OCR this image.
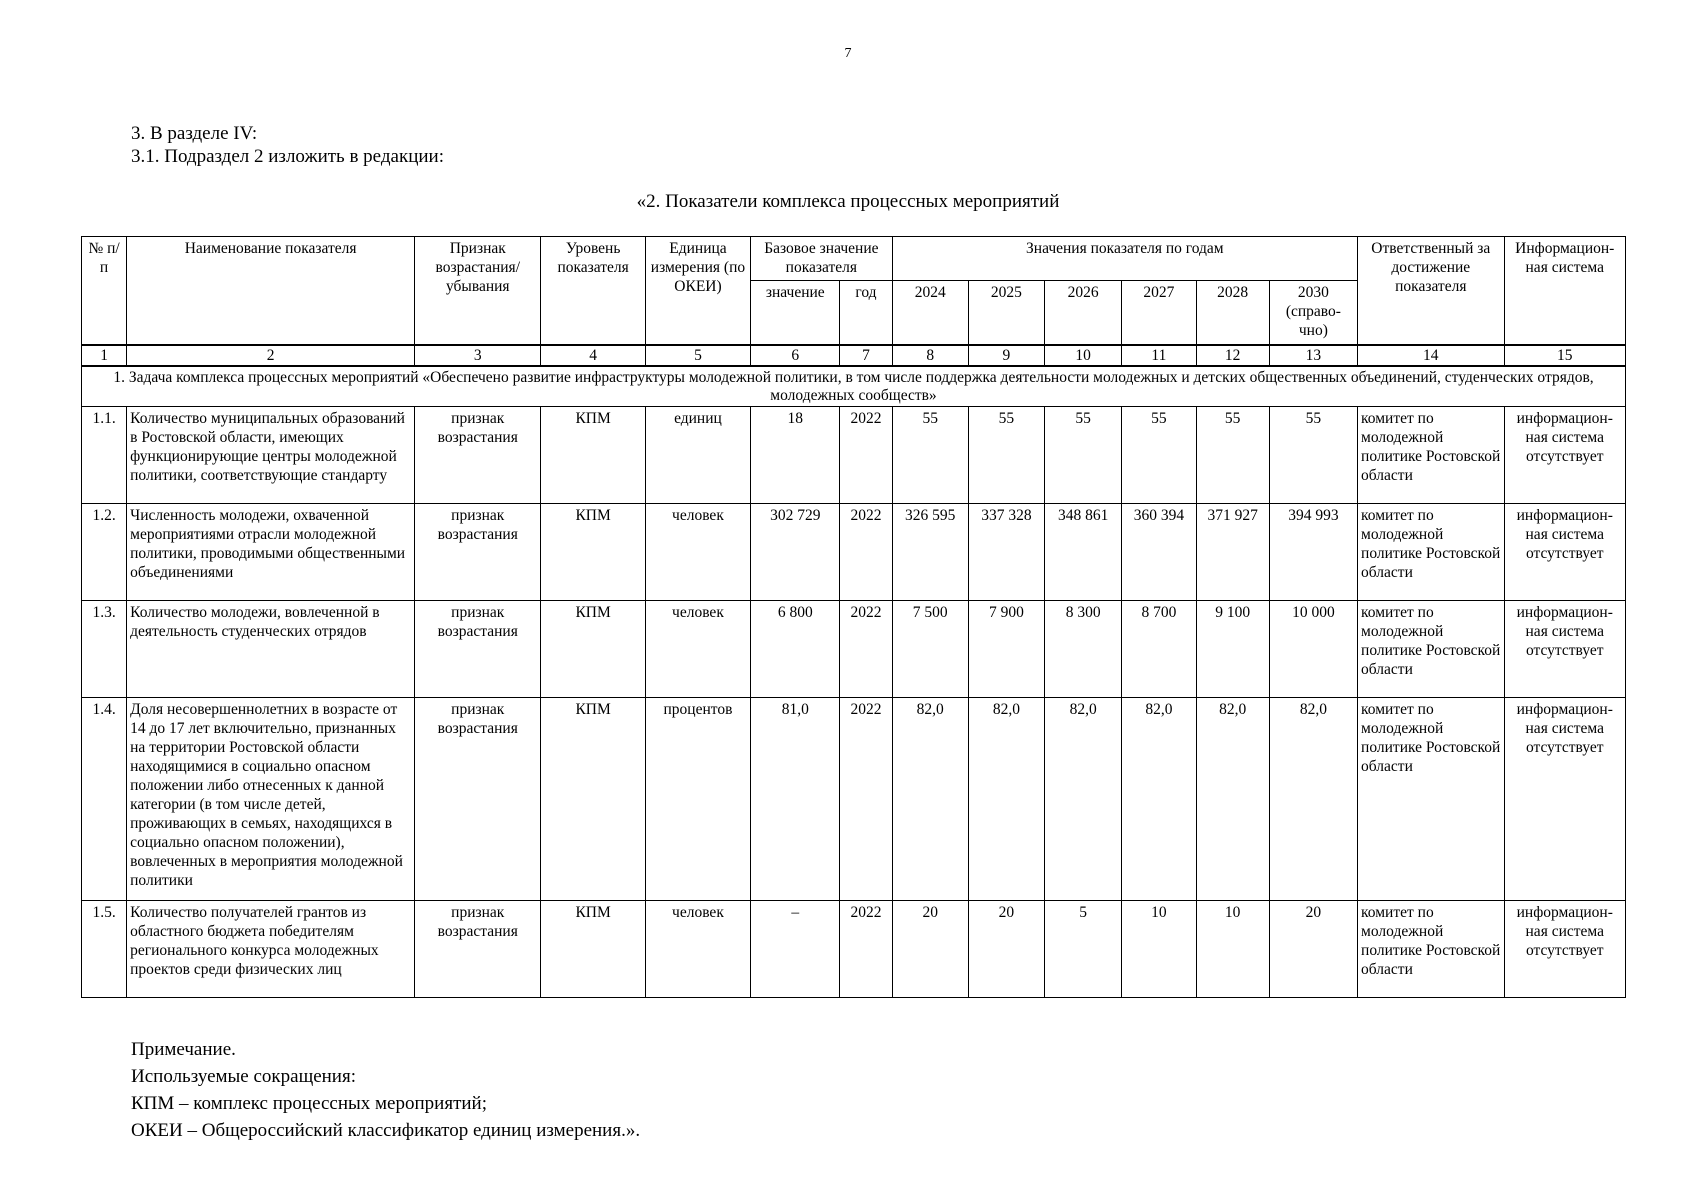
7
3. В разделе IV:
3.1. Подраздел 2 изложить в редакции:
«2. Показатели комплекса процессных мероприятий
№ п/п	Наименование показателя	Признак возрастания/ убывания	Уровень показателя	Единица измерения (по ОКЕИ)	Базовое значение показателя		Значения показателя по годам						Ответственный за достижение показателя	Информацион-ная система
					значение	год	2024	2025	2026	2027	2028	2030 (справо-чно)		
1	2	3	4	5	6	7	8	9	10	11	12	13	14	15
1. Задача комплекса процессных мероприятий «Обеспечено развитие инфраструктуры молодежной политики, в том числе поддержка деятельности молодежных и детских общественных объединений, студенческих отрядов, молодежных сообществ»														
1.1.	Количество муниципальных образований в Ростовской области, имеющих функционирующие центры молодежной политики, соответствующие стандарту	признак возрастания	КПМ	единиц	18	2022	55	55	55	55	55	55	комитет по молодежной политике Ростовской области	информацион-ная система отсутствует
1.2.	Численность молодежи, охваченной мероприятиями отрасли молодежной политики, проводимыми общественными объединениями	признак возрастания	КПМ	человек	302 729	2022	326 595	337 328	348 861	360 394	371 927	394 993	комитет по молодежной политике Ростовской области	информацион-ная система отсутствует
1.3.	Количество молодежи, вовлеченной в деятельность студенческих отрядов	признак возрастания	КПМ	человек	6 800	2022	7 500	7 900	8 300	8 700	9 100	10 000	комитет по молодежной политике Ростовской области	информацион-ная система отсутствует
1.4.	Доля несовершеннолетних в возрасте от 14 до 17 лет включительно, признанных на территории Ростовской области находящимися в социально опасном положении либо отнесенных к данной категории (в том числе детей, проживающих в семьях, находящихся в социально опасном положении), вовлеченных в мероприятия молодежной политики	признак возрастания	КПМ	процентов	81,0	2022	82,0	82,0	82,0	82,0	82,0	82,0	комитет по молодежной политике Ростовской области	информацион-ная система отсутствует
1.5.	Количество получателей грантов из областного бюджета победителям регионального конкурса молодежных проектов среди физических лиц	признак возрастания	КПМ	человек	–	2022	20	20	5	10	10	20	комитет по молодежной политике Ростовской области	информацион-ная система отсутствует
Примечание.
Используемые сокращения:
КПМ – комплекс процессных мероприятий;
ОКЕИ – Общероссийский классификатор единиц измерения.».
